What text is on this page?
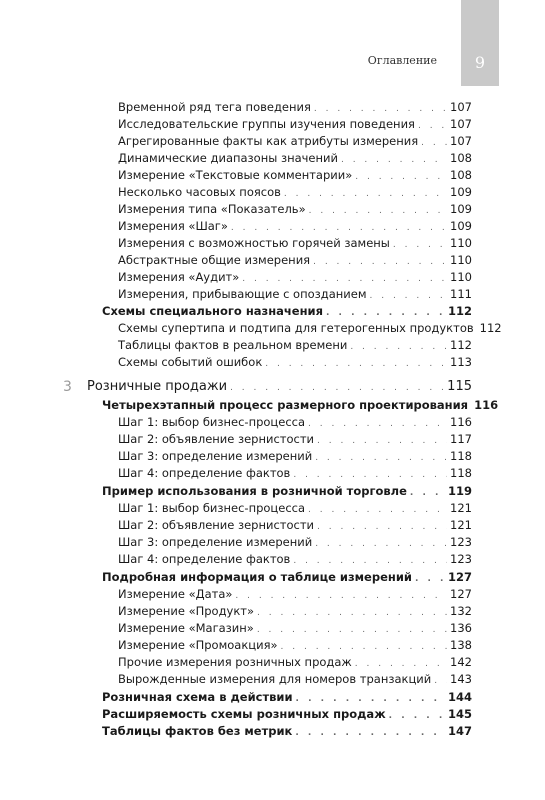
9
Оглавление
3
Временной ряд тега поведения . . .	107
Исследовательские группы изучения поведения . . .	107
Агрегированные факты как атрибуты измерения . . .	107
Динамические диапазоны значений . . .	108
Измерение «Текстовые комментарии» . . .	108
Несколько часовых поясов . . .	109
Измерения типа «Показатель» . . .	109
Измерения «Шаг» . . .	109
Измерения с возможностью горячей замены . . .	110
Абстрактные общие измерения . . .	110
Измерения «Аудит» . . .	110
Измерения, прибывающие с опозданием . . .	111
Схемы специального назначения . . .	112
Схемы супертипа и подтипа для гетерогенных продуктов 112
Таблицы фактов в реальном времени . . .	112
Схемы событий ошибок . . .	113
Розничные продажи . . .	115
Четырехэтапный процесс размерного проектирования 116
Шаг 1: выбор бизнес-процесса . . .	116
Шаг 2: объявление зернистости . . .	117
Шаг 3: определение измерений . . .	118
Шаг 4: определение фактов . . .	118
Пример использования в розничной торговле . . .	119
Шаг 1: выбор бизнес-процесса . . .	121
Шаг 2: объявление зернистости . . .	121
Шаг 3: определение измерений . . .	123
Шаг 4: определение фактов . . .	123
Подробная информация о таблице измерений . . .	127
Измерение «Дата» . . .	127
Измерение «Продукт» . . .	132
Измерение «Магазин» . . .	136
Измерение «Промоакция» . . .	138
Прочие измерения розничных продаж . . .	142
Вырожденные измерения для номеров транзакций . . . 143
Розничная схема в действии . . .	144
Расширяемость схемы розничных продаж . . .	145
Таблицы фактов без метрик . . .	147
